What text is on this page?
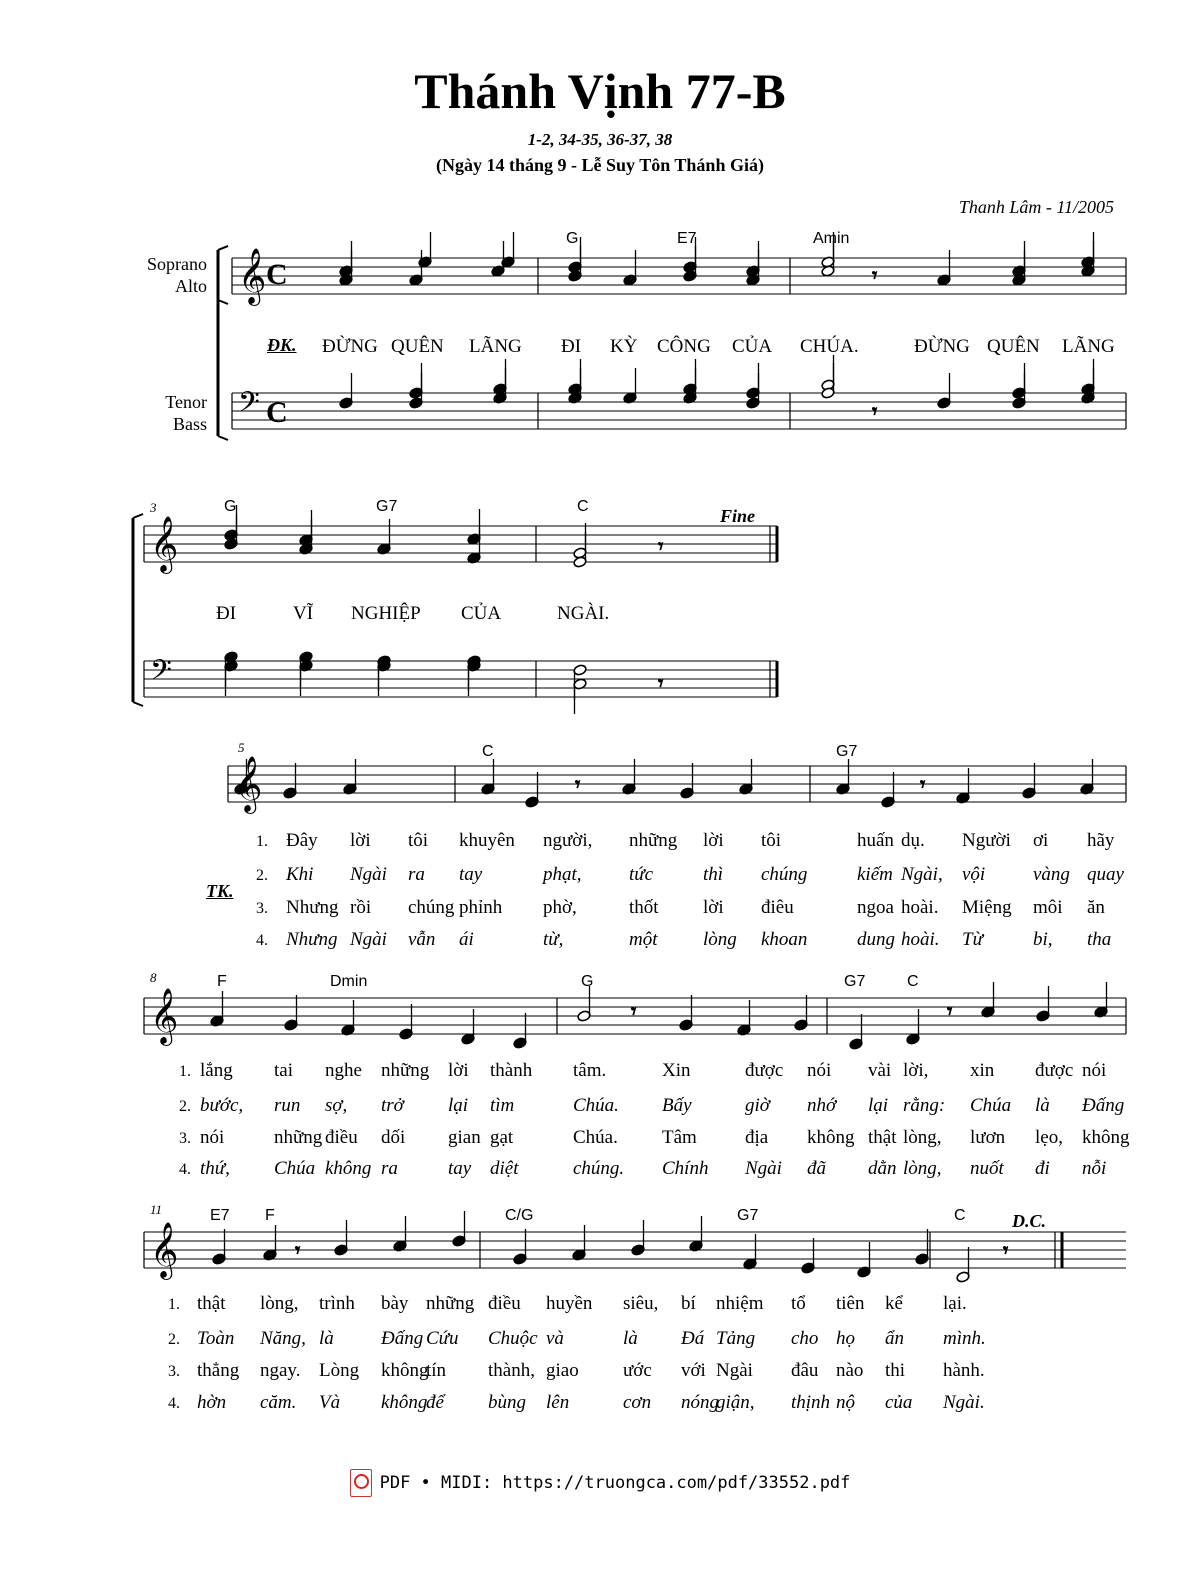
Thánh Vịnh 77-B
1-2, 34-35, 36-37, 38
(Ngày 14 tháng 9 - Lễ Suy Tôn Thánh Giá)
Thanh Lâm - 11/2005
Soprano
Alto
Tenor
Bass
𝄾
𝄾
𝄾
𝄾
𝄾	𝄾
𝄾	𝄾
𝄾	𝄾
𝄞
𝄢
𝄞
𝄢
𝄞
𝄞
𝄞
C
C
G	E7	Amin
ĐK. ĐỪNG QUÊN LÃNG ĐI KỲ CÔNG CỦA CHÚA.	ĐỪNG QUÊN LÃNG
3	G	G7	C	Fine
ĐI	VĨ NGHIỆP CỦA	NGÀI.
5	C	G7
TK.
1. Đây lời tôi khuyên người, những lời tôi	huấn dụ. Người ơi hãy
2. Khi Ngài ra tay	phạt, tức	thì chúng	kiếm Ngài, vội	vàng quay
3. Nhưng rồi chúng phỉnh phờ,	thốt lời điêu	ngoa hoài. Miệng môi ăn
4. Nhưng Ngài vẫn ái	từ,	một lòng khoan	dung hoài. Từ	bi, tha
1. lắng tai nghe những lời thành tâm.	Xin	được nói vài lời, xin được nói
2. bước, run sợ, trở lại tìm	Chúa. Bấy	giờ nhớ lại rằng: Chúa là Đấng
3. nói	những điều dối gian gạt	Chúa. Tâm	địa không thật lòng, lươn lẹo, không
4. thứ, Chúa không ra	tay diệt	chúng. Chính Ngài đã dằn lòng, nuốt đi nỗi
1. thật lòng, trình bày những điều huyền siêu, bí nhiệm tổ tiên kể lại.
2. Toàn Năng, là Đấng Cứu Chuộc và	là Đá Tảng cho họ ẩn mình.
3. thẳng ngay. Lòng không
tín thành, giao ước với Ngài đâu nào thi hành.
4. hờn căm. Và không
để bùng lên	cơn nóng
giận, thịnh nộ của Ngài.
8	F	Dmin	G	G7	C
11	E7 F	C/G	G7	C	D.C.
PDF • MIDI: https://truongca.com/pdf/33552.pdf
